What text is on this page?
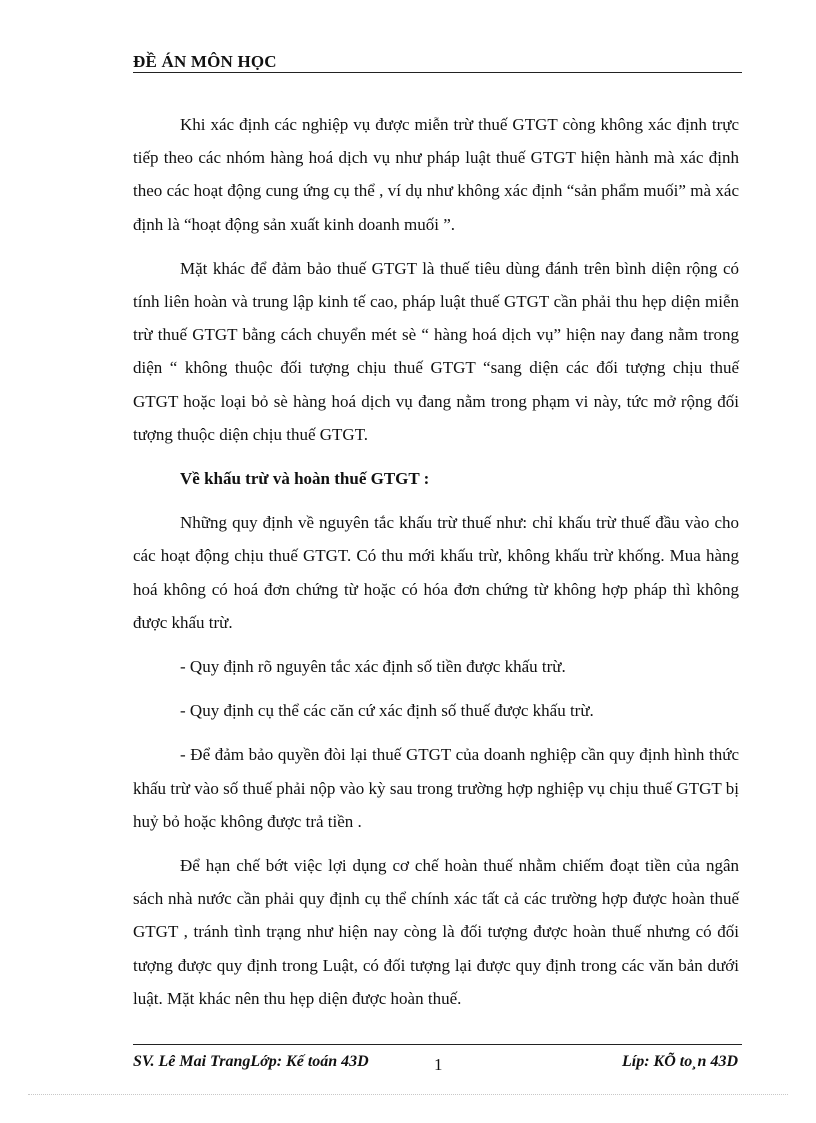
ĐỀ ÁN MÔN HỌC

Khi xác định các nghiệp vụ được miễn trừ thuế GTGT còng không xác định trực tiếp theo các nhóm hàng hoá dịch vụ như pháp luật thuế GTGT hiện hành mà xác định theo các hoạt động cung ứng cụ thể , ví dụ như không xác định “sản phẩm muối” mà xác định là “hoạt động sản xuất kinh doanh muối ”.

Mặt khác để đảm bảo thuế GTGT là thuế tiêu dùng đánh trên bình diện rộng có tính liên hoàn và trung lập kinh tế cao, pháp luật thuế GTGT cần phải thu hẹp diện miễn trừ thuế GTGT bằng cách chuyển mét sè “ hàng hoá dịch vụ” hiện nay đang nằm trong diện “ không thuộc đối tượng chịu thuế GTGT “sang diện các đối tượng chịu thuế GTGT hoặc loại bỏ sè hàng hoá dịch vụ đang nằm trong phạm vi này, tức mở rộng đối tượng thuộc diện chịu thuế GTGT.

Về khấu trừ và hoàn thuế GTGT :

Những quy định về nguyên tắc khấu trừ thuế như: chỉ khấu trừ thuế đầu vào cho các hoạt động chịu thuế GTGT. Có thu mới khấu trừ, không khấu trừ khống. Mua hàng hoá không có hoá đơn chứng từ hoặc có hóa đơn chứng từ không hợp pháp thì không được khấu trừ.

- Quy định rõ nguyên tắc xác định số tiền được khấu trừ.

- Quy định cụ thể các căn cứ xác định số thuế được khấu trừ.

- Để đảm bảo quyền đòi lại thuế GTGT của doanh nghiệp cần quy định hình thức khấu trừ vào số thuế phải nộp vào kỳ sau trong trường hợp nghiệp vụ chịu thuế GTGT bị huỷ bỏ hoặc không được trả tiền .

Để hạn chế bớt việc lợi dụng cơ chế hoàn thuế nhằm chiếm đoạt tiền của ngân sách nhà nước cần phải quy định cụ thể chính xác tất cả các trường hợp được hoàn thuế GTGT , tránh tình trạng như hiện nay còng là đối tượng được hoàn thuế nhưng có đối tượng được quy định trong Luật, có đối tượng lại được quy định trong các văn bản dưới luật. Mặt khác nên thu hẹp diện được hoàn thuế.

SV. Lê Mai TrangLớp: Kế toán 43D	1	Líp: KÕ to¸n 43D
